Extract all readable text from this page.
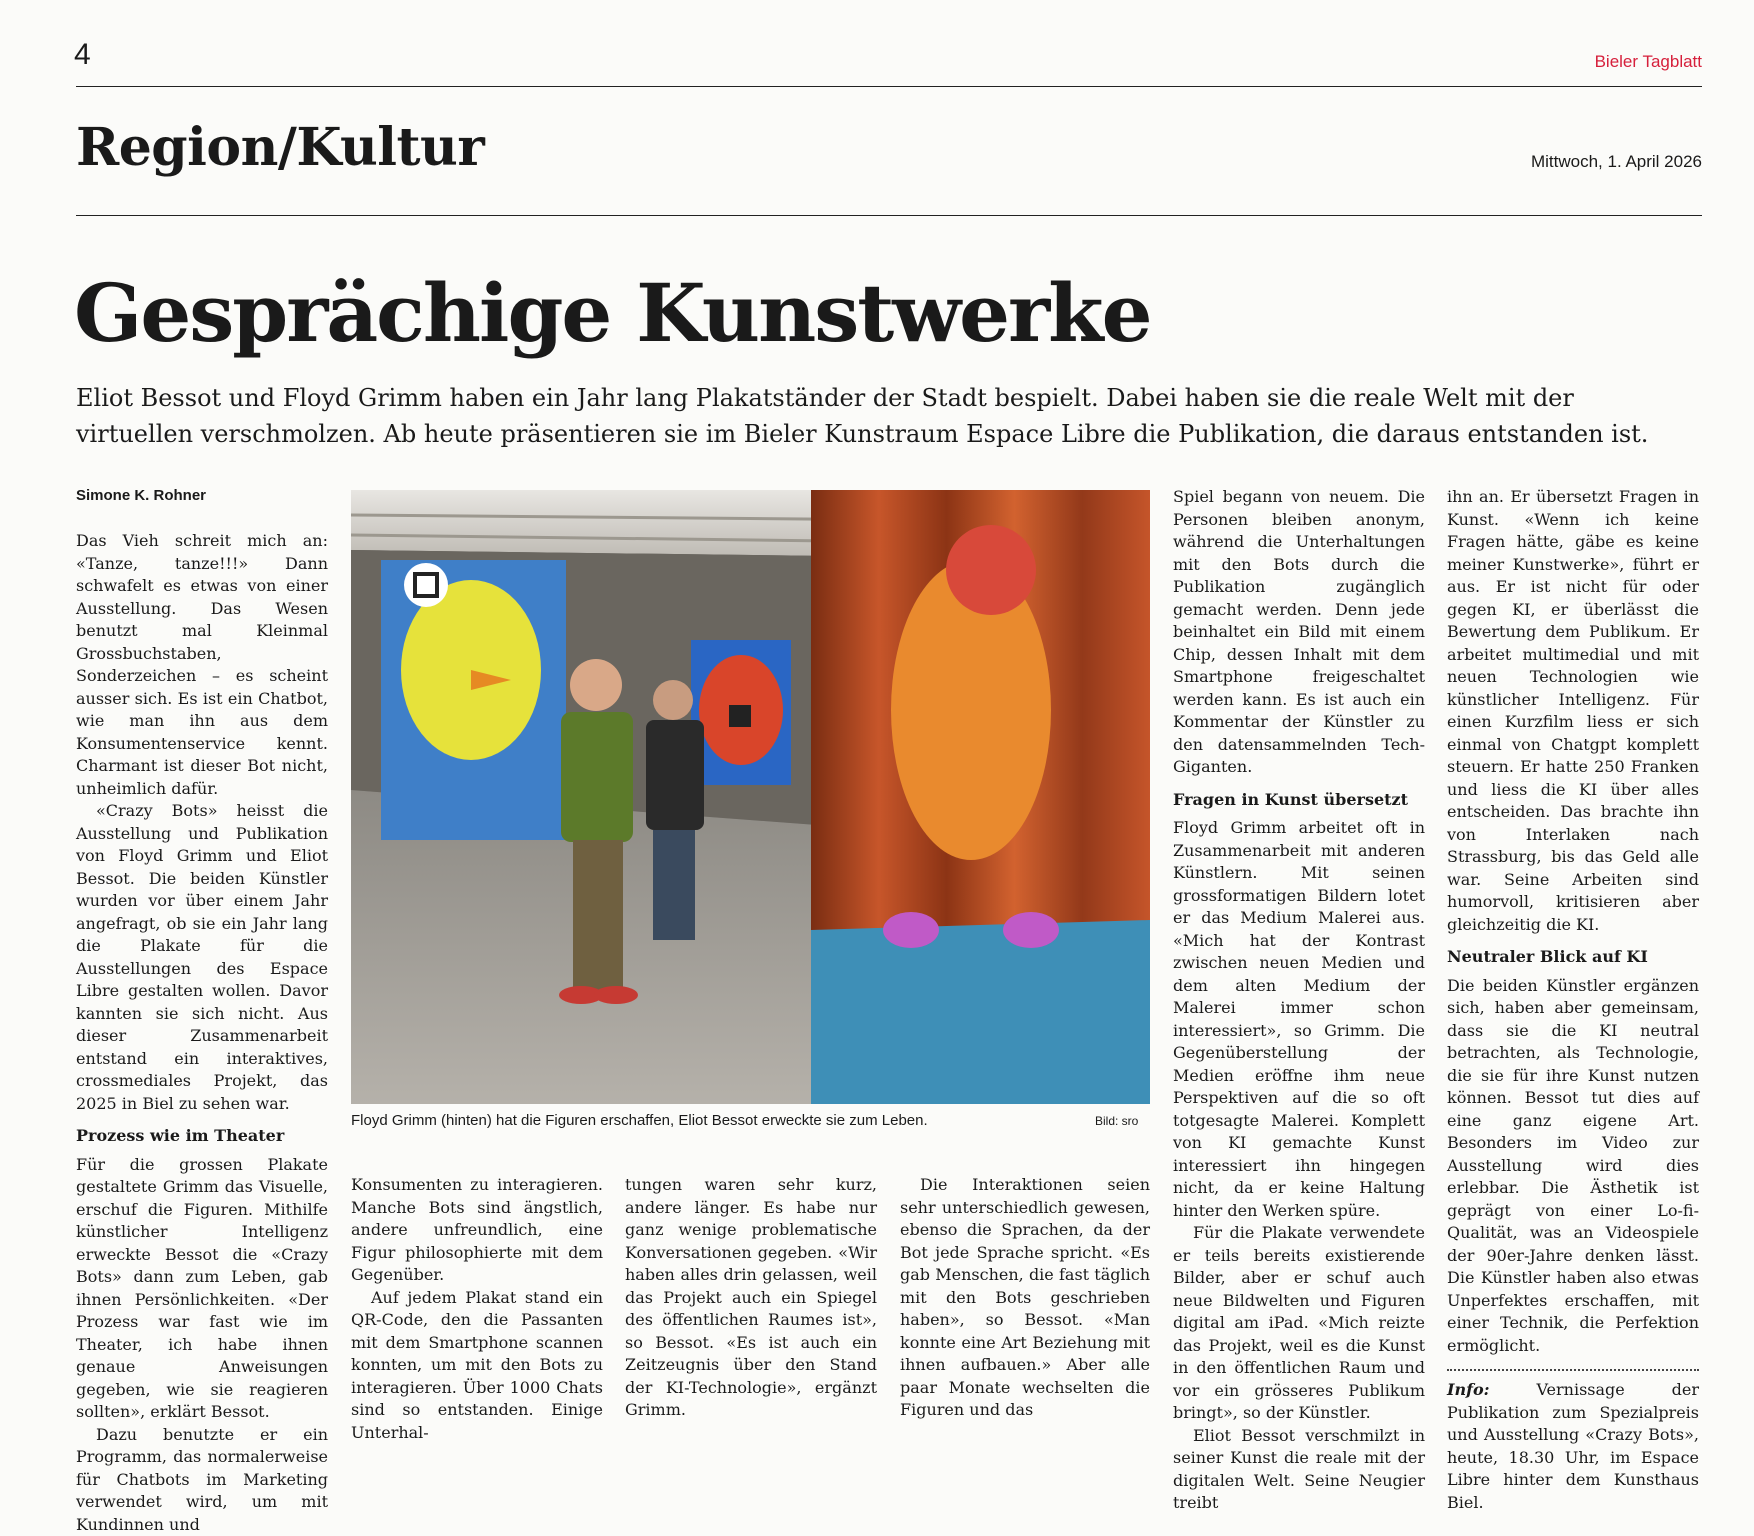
4	Bieler Tagblatt
Region/Kultur	Mittwoch, 1. April 2026
Gesprächige Kunstwerke
Eliot Bessot und Floyd Grimm haben ein Jahr lang Plakatständer der Stadt bespielt. Dabei haben sie die reale Welt mit der virtuellen verschmolzen. Ab heute präsentieren sie im Bieler Kunstraum Espace Libre die Publikation, die daraus entstanden ist.
Simone K. Rohner

Das Vieh schreit mich an: «Tanze, tanze!!!» Dann schwafelt es etwas von einer Ausstellung. Das Wesen benutzt mal Kleinmal Grossbuchstaben, Sonderzeichen – es scheint ausser sich. Es ist ein Chatbot, wie man ihn aus dem Konsumentenservice kennt. Charmant ist dieser Bot nicht, unheimlich dafür.

«Crazy Bots» heisst die Ausstellung und Publikation von Floyd Grimm und Eliot Bessot. Die beiden Künstler wurden vor über einem Jahr angefragt, ob sie ein Jahr lang die Plakate für die Ausstellungen des Espace Libre gestalten wollen. Davor kannten sie sich nicht. Aus dieser Zusammenarbeit entstand ein interaktives, crossmediales Projekt, das 2025 in Biel zu sehen war.

Prozess wie im Theater

Für die grossen Plakate gestaltete Grimm das Visuelle, erschuf die Figuren. Mithilfe künstlicher Intelligenz erweckte Bessot die «Crazy Bots» dann zum Leben, gab ihnen Persönlichkeiten. «Der Prozess war fast wie im Theater, ich habe ihnen genaue Anweisungen gegeben, wie sie reagieren sollten», erklärt Bessot.

Dazu benutzte er ein Programm, das normalerweise für Chatbots im Marketing verwendet wird, um mit Kundinnen und

Floyd Grimm (hinten) hat die Figuren erschaffen, Eliot Bessot erweckte sie zum Leben.	Bild: sro

Konsumenten zu interagieren. Manche Bots sind ängstlich, andere unfreundlich, eine Figur philosophierte mit dem Gegenüber.

Auf jedem Plakat stand ein QR-Code, den die Passanten mit dem Smartphone scannen konnten, um mit den Bots zu interagieren. Über 1000 Chats sind so entstanden. Einige Unterhal-

tungen waren sehr kurz, andere länger. Es habe nur ganz wenige problematische Konversationen gegeben. «Wir haben alles drin gelassen, weil das Projekt auch ein Spiegel des öffentlichen Raumes ist», so Bessot. «Es ist auch ein Zeitzeugnis über den Stand der KI-Technologie», ergänzt Grimm.

Die Interaktionen seien sehr unterschiedlich gewesen, ebenso die Sprachen, da der Bot jede Sprache spricht. «Es gab Menschen, die fast täglich mit den Bots geschrieben haben», so Bessot. «Man konnte eine Art Beziehung mit ihnen aufbauen.» Aber alle paar Monate wechselten die Figuren und das

Spiel begann von neuem. Die Personen bleiben anonym, während die Unterhaltungen mit den Bots durch die Publikation zugänglich gemacht werden. Denn jede beinhaltet ein Bild mit einem Chip, dessen Inhalt mit dem Smartphone freigeschaltet werden kann. Es ist auch ein Kommentar der Künstler zu den datensammelnden Tech-Giganten.

Fragen in Kunst übersetzt

Floyd Grimm arbeitet oft in Zusammenarbeit mit anderen Künstlern. Mit seinen grossformatigen Bildern lotet er das Medium Malerei aus. «Mich hat der Kontrast zwischen neuen Medien und dem alten Medium der Malerei immer schon interessiert», so Grimm. Die Gegenüberstellung der Medien eröffne ihm neue Perspektiven auf die so oft totgesagte Malerei. Komplett von KI gemachte Kunst interessiert ihn hingegen nicht, da er keine Haltung hinter den Werken spüre.

Für die Plakate verwendete er teils bereits existierende Bilder, aber er schuf auch neue Bildwelten und Figuren digital am iPad. «Mich reizte das Projekt, weil es die Kunst in den öffentlichen Raum und vor ein grösseres Publikum bringt», so der Künstler.

Eliot Bessot verschmilzt in seiner Kunst die reale mit der digitalen Welt. Seine Neugier treibt

ihn an. Er übersetzt Fragen in Kunst. «Wenn ich keine Fragen hätte, gäbe es keine meiner Kunstwerke», führt er aus. Er ist nicht für oder gegen KI, er überlässt die Bewertung dem Publikum. Er arbeitet multimedial und mit neuen Technologien wie künstlicher Intelligenz. Für einen Kurzfilm liess er sich einmal von Chatgpt komplett steuern. Er hatte 250 Franken und liess die KI über alles entscheiden. Das brachte ihn von Interlaken nach Strassburg, bis das Geld alle war. Seine Arbeiten sind humorvoll, kritisieren aber gleichzeitig die KI.

Neutraler Blick auf KI

Die beiden Künstler ergänzen sich, haben aber gemeinsam, dass sie die KI neutral betrachten, als Technologie, die sie für ihre Kunst nutzen können. Bessot tut dies auf eine ganz eigene Art. Besonders im Video zur Ausstellung wird dies erlebbar. Die Ästhetik ist geprägt von einer Lo-fi-Qualität, was an Videospiele der 90er-Jahre denken lässt. Die Künstler haben also etwas Unperfektes erschaffen, mit einer Technik, die Perfektion ermöglicht.

Info: Vernissage der Publikation zum Spezialpreis und Ausstellung «Crazy Bots», heute, 18.30 Uhr, im Espace Libre hinter dem Kunsthaus Biel.
